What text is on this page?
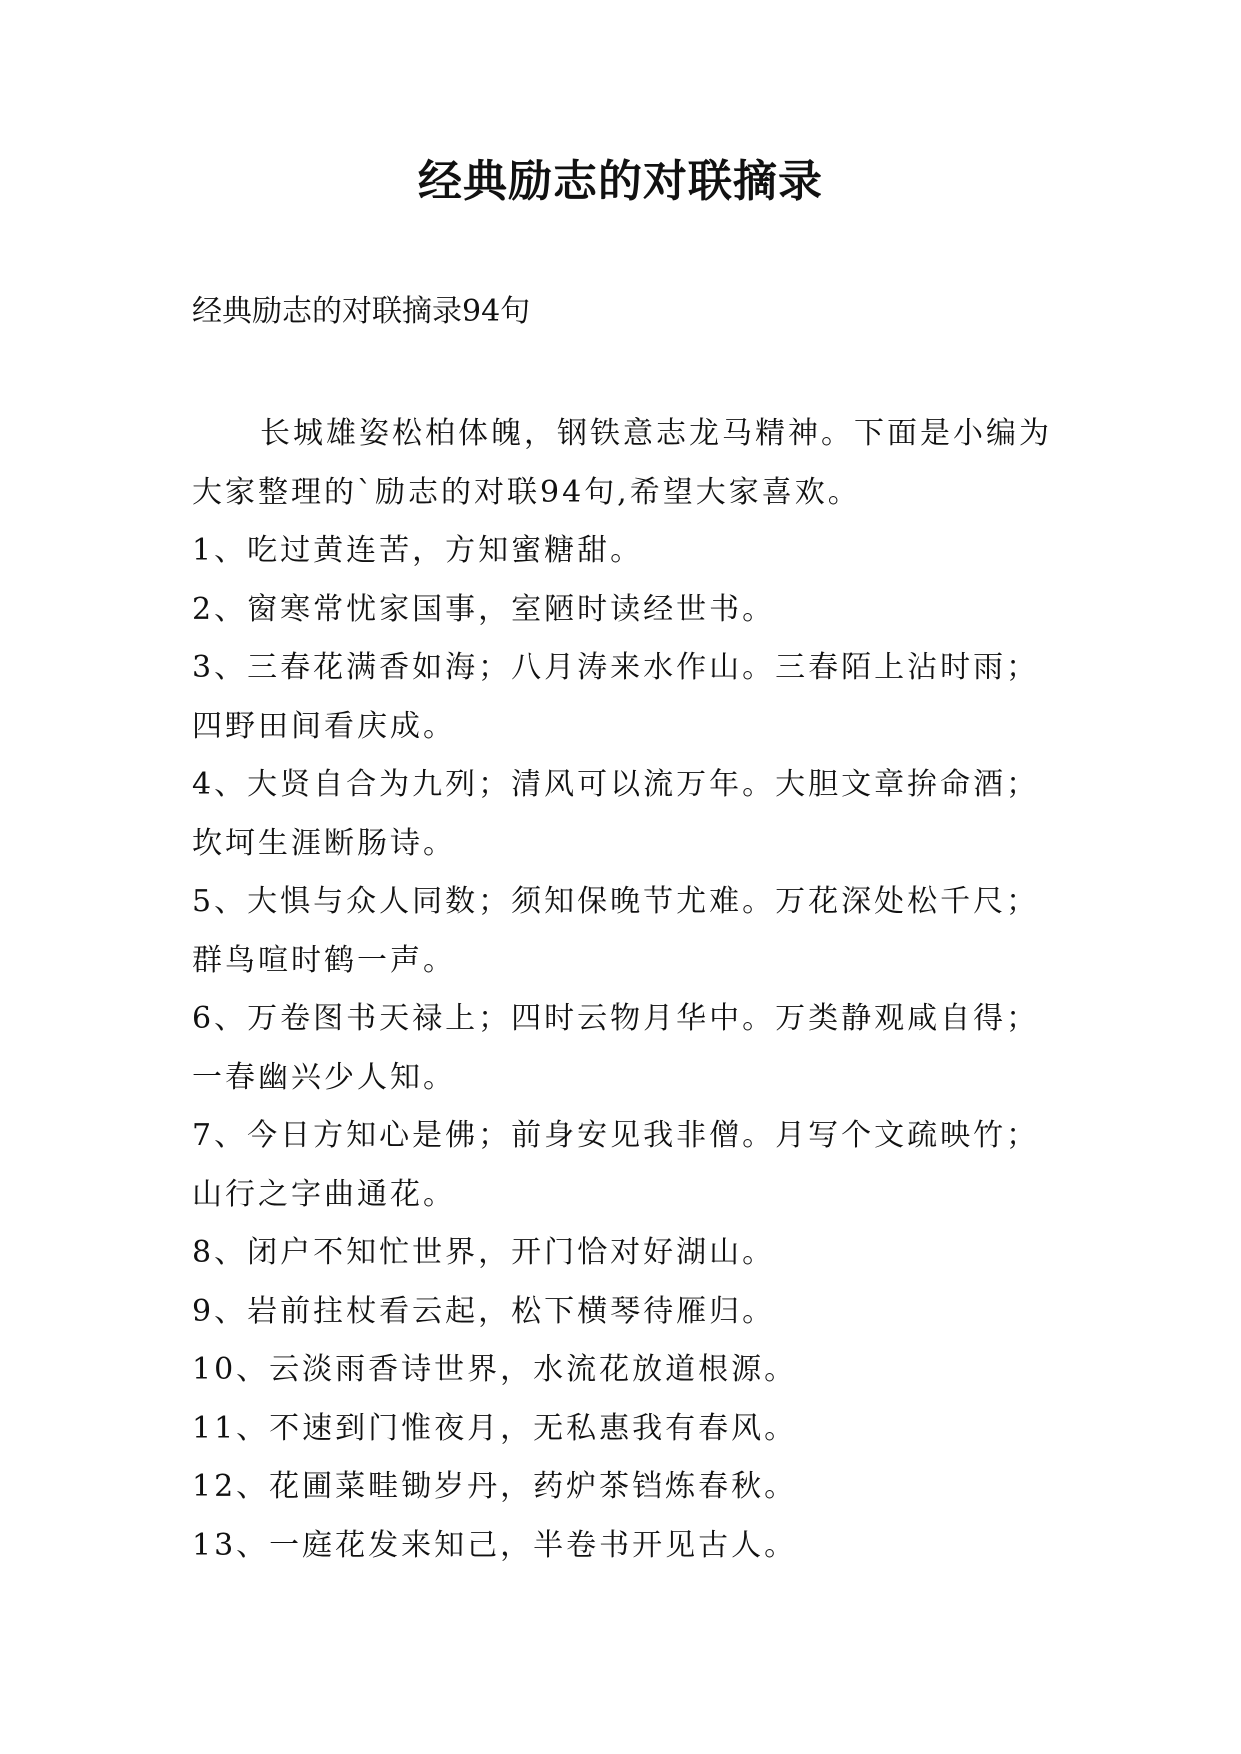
经典励志的对联摘录
经典励志的对联摘录94句

长城雄姿松柏体魄，钢铁意志龙马精神。下面是小编为大家整理的`励志的对联94句,希望大家喜欢。

1、吃过黄连苦，方知蜜糖甜。
2、窗寒常忧家国事，室陋时读经世书。
3、三春花满香如海；八月涛来水作山。三春陌上沾时雨；四野田间看庆成。
4、大贤自合为九列；清风可以流万年。大胆文章拚命酒；坎坷生涯断肠诗。
5、大惧与众人同数；须知保晚节尤难。万花深处松千尺；群鸟喧时鹤一声。
6、万卷图书天禄上；四时云物月华中。万类静观咸自得；一春幽兴少人知。
7、今日方知心是佛；前身安见我非僧。月写个文疏映竹；山行之字曲通花。
8、闭户不知忙世界，开门恰对好湖山。
9、岩前拄杖看云起，松下横琴待雁归。
10、云淡雨香诗世界，水流花放道根源。
11、不速到门惟夜月，无私惠我有春风。
12、花圃菜畦锄岁丹，药炉茶铛炼春秋。
13、一庭花发来知己，半卷书开见古人。
